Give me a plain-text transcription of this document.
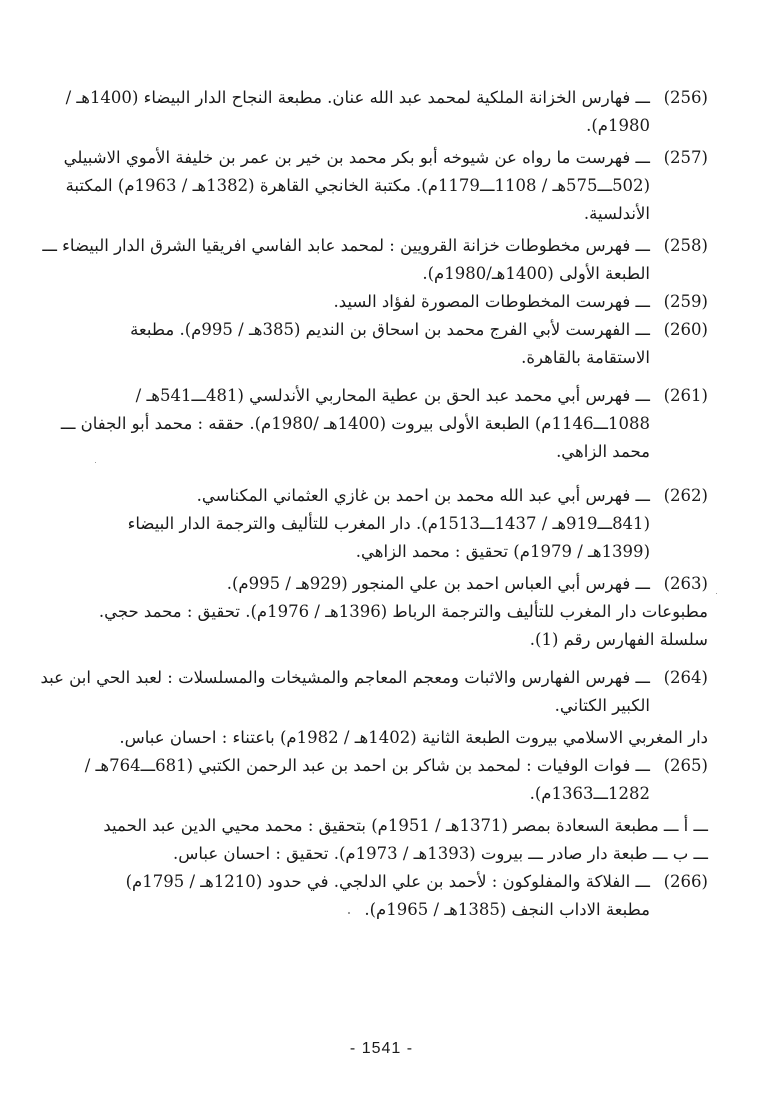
(256)
ـــ فهارس الخزانة الملكية لمحمد عبد الله عنان. مطبعة النجاح الدار البيضاء (1400هـ /
1980م).
(257)
ـــ فهرست ما رواه عن شيوخه أبو بكر محمد بن خير بن عمر بن خليفة الأموي الاشبيلي
(502ـــ575هـ / 1108ـــ1179م). مكتبة الخانجي القاهرة (1382هـ / 1963م) المكتبة
الأندلسية.
(258)
ـــ فهرس مخطوطات خزانة القرويين : لمحمد عابد الفاسي افريقيا الشرق الدار البيضاء ـــ
الطبعة الأولى (1400هـ/1980م).
(259)
ـــ فهرست المخطوطات المصورة لفؤاد السيد.
(260)
ـــ الفهرست لأبي الفرج محمد بن اسحاق بن النديم (385هـ / 995م). مطبعة
الاستقامة بالقاهرة.
(261)
ـــ فهرس أبي محمد عبد الحق بن عطية المحاربي الأندلسي (481ـــ541هـ /
1088ـــ1146م) الطبعة الأولى بيروت (1400هـ /1980م). حققه : محمد أبو الجفان ـــ
محمد الزاهي.
(262)
ـــ فهرس أبي عبد الله محمد بن احمد بن غازي العثماني المكناسي.
(841ـــ919هـ / 1437ـــ1513م). دار المغرب للتأليف والترجمة الدار البيضاء
(1399هـ / 1979م) تحقيق : محمد الزاهي.
(263)
ـــ فهرس أبي العباس احمد بن علي المنجور (929هـ / 995م).
مطبوعات دار المغرب للتأليف والترجمة الرباط (1396هـ / 1976م). تحقيق : محمد حجي.
سلسلة الفهارس رقم (1).
(264)
ـــ فهرس الفهارس والاثبات ومعجم المعاجم والمشيخات والمسلسلات : لعبد الحي ابن عبد
الكبير الكتاني.
دار المغربي الاسلامي بيروت الطبعة الثانية (1402هـ / 1982م) باعتناء : احسان عباس.
(265)
ـــ فوات الوفيات : لمحمد بن شاكر بن احمد بن عبد الرحمن الكتبي (681ـــ764هـ /
1282ـــ1363م).
ـــ أ ـــ مطبعة السعادة بمصر (1371هـ / 1951م) بتحقيق : محمد محيي الدين عبد الحميد
ـــ ب ـــ طبعة دار صادر ـــ بيروت (1393هـ / 1973م). تحقيق : احسان عباس.
(266)
ـــ الفلاكة والمفلوكون : لأحمد بن علي الدلجي. في حدود (1210هـ / 1795م)
مطبعة الاداب النجف (1385هـ / 1965م).
- 1541 -
